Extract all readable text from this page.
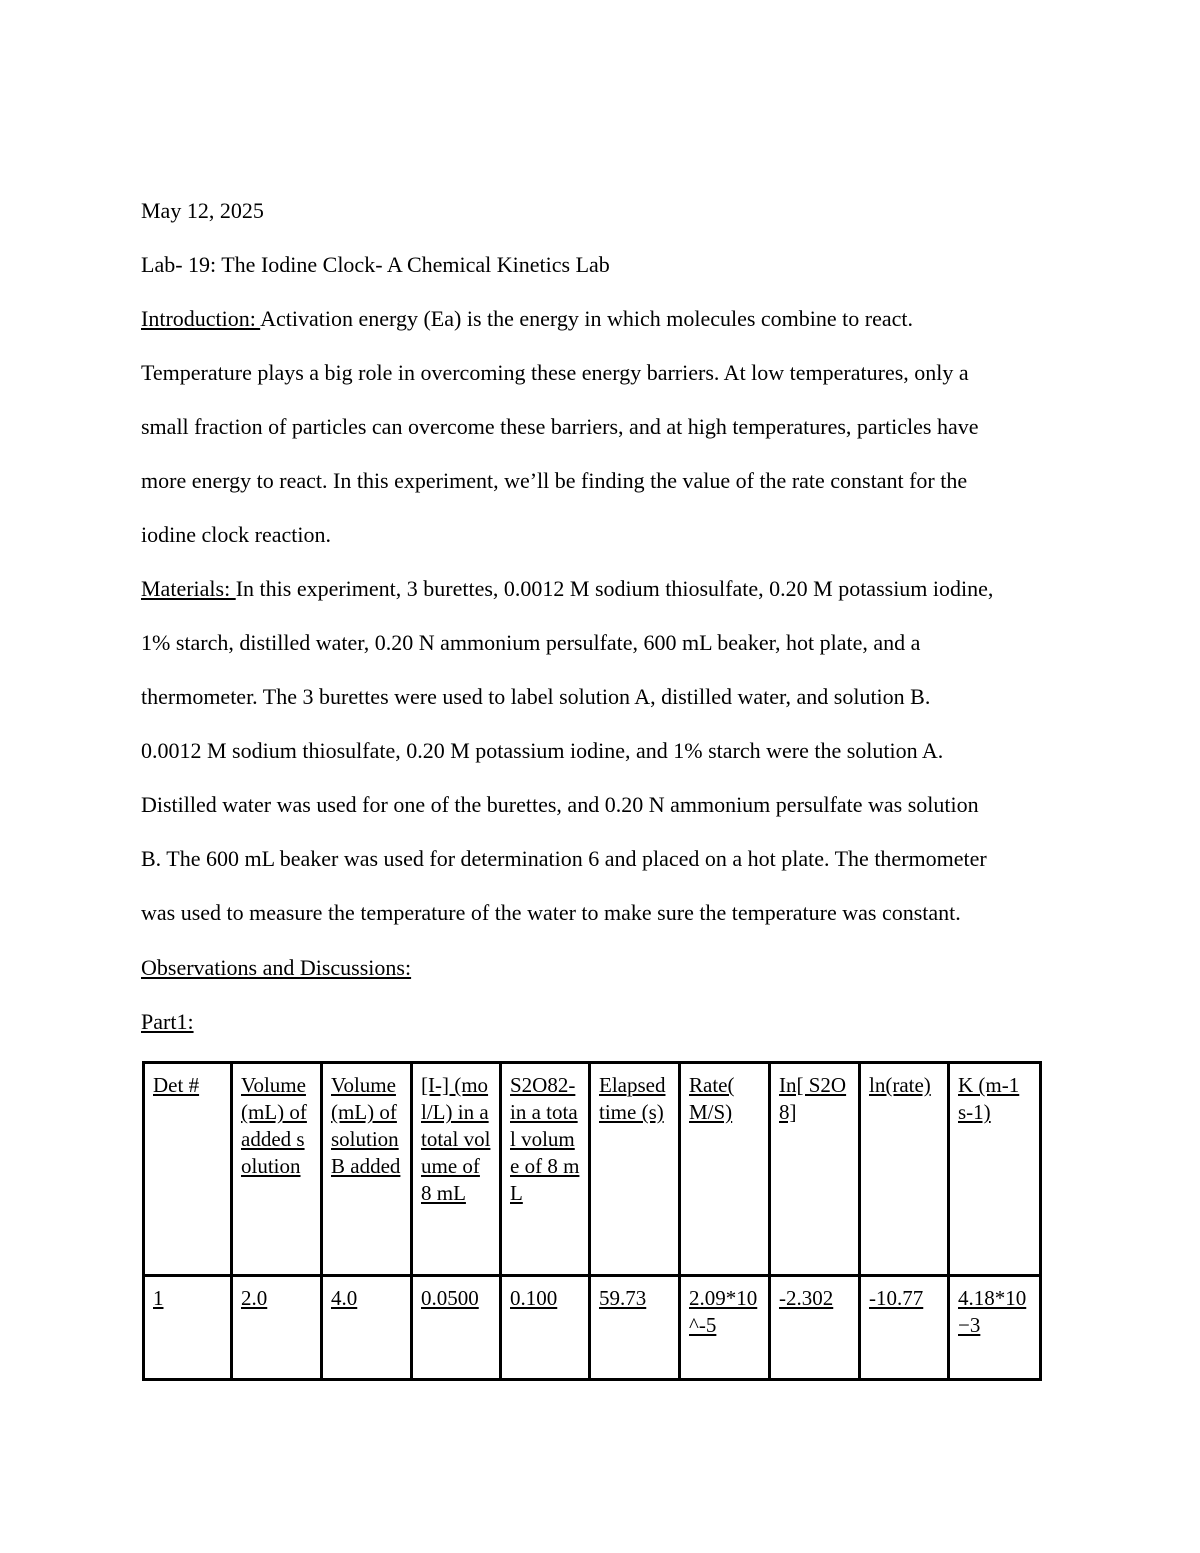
May 12, 2025
Lab- 19: The Iodine Clock- A Chemical Kinetics Lab
Introduction: Activation energy (Ea) is the energy in which molecules combine to react.
Temperature plays a big role in overcoming these energy barriers. At low temperatures, only a
small fraction of particles can overcome these barriers, and at high temperatures, particles have
more energy to react. In this experiment, we’ll be finding the value of the rate constant for the
iodine clock reaction.
Materials: In this experiment, 3 burettes, 0.0012 M sodium thiosulfate, 0.20 M potassium iodine,
1% starch, distilled water, 0.20 N ammonium persulfate, 600 mL beaker, hot plate, and a
thermometer. The 3 burettes were used to label solution A, distilled water, and solution B.
0.0012 M sodium thiosulfate, 0.20 M potassium iodine, and 1% starch were the solution A.
Distilled water was used for one of the burettes, and 0.20 N ammonium persulfate was solution
B. The 600 mL beaker was used for determination 6 and placed on a hot plate. The thermometer
was used to measure the temperature of the water to make sure the temperature was constant.
Observations and Discussions:
Part1:
Det #	Volume (mL) of added solution	Volume (mL) of solution B added	[I-] (mol/L) in a total volume of 8 mL	S2O82- in a total volume of 8 mL	Elapsed time (s)	Rate( M/S)	In[ S2O8]	ln(rate)	K (m-1 s-1)
1	2.0	4.0	0.0500	0.100	59.73	2.09*10^-5	-2.302	-10.77	4.18*10 −3
